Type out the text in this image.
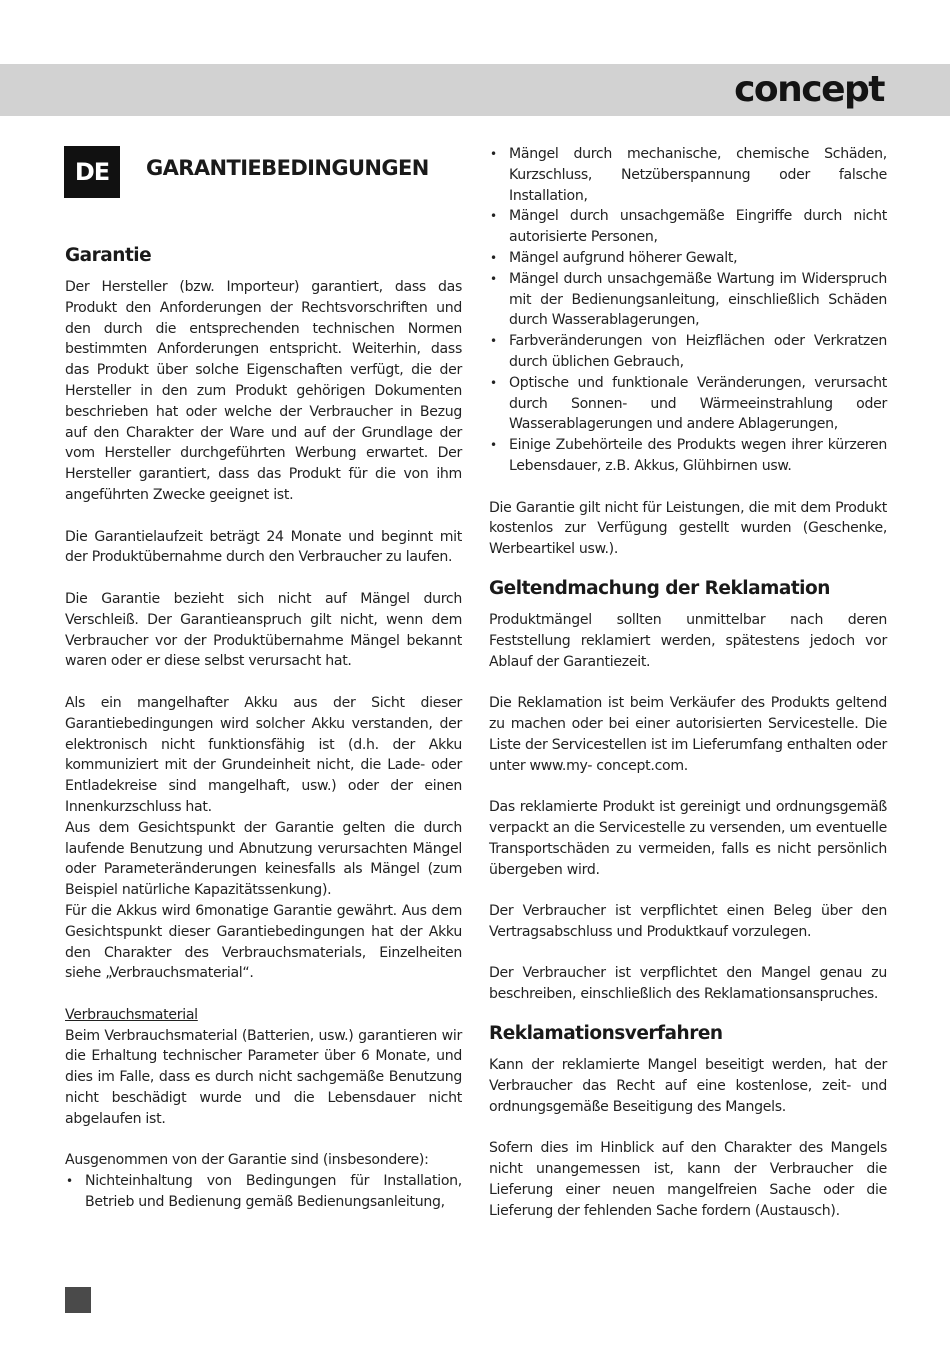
concept
DE	GARANTIEBEDINGUNGEN
Garantie

Der Hersteller (bzw. Importeur) garantiert, dass das Produkt den Anforderungen der Rechtsvorschriften und den durch die entsprechenden technischen Normen bestimmten Anforderungen entspricht. Weiterhin, dass das Produkt über solche Eigenschaften verfügt, die der Hersteller in den zum Produkt gehörigen Dokumenten beschrieben hat oder welche der Verbraucher in Bezug auf den Charakter der Ware und auf der Grundlage der vom Hersteller durchgeführten Werbung erwartet. Der Hersteller garantiert, dass das Produkt für die von ihm angeführten Zwecke geeignet ist.

Die Garantielaufzeit beträgt 24 Monate und beginnt mit der Produktübernahme durch den Verbraucher zu laufen.

Die Garantie bezieht sich nicht auf Mängel durch Verschleiß. Der Garantieanspruch gilt nicht, wenn dem Verbraucher vor der Produktübernahme Mängel bekannt waren oder er diese selbst verursacht hat.

Als ein mangelhafter Akku aus der Sicht dieser Garantiebedingungen wird solcher Akku verstanden, der elektronisch nicht funktionsfähig ist (d.h. der Akku kommuniziert mit der Grundeinheit nicht, die Lade- oder Entladekreise sind mangelhaft, usw.) oder der einen Innenkurzschluss hat.

Aus dem Gesichtspunkt der Garantie gelten die durch laufende Benutzung und Abnutzung verursachten Mängel oder Parameteränderungen keinesfalls als Mängel (zum Beispiel natürliche Kapazitätssenkung).

Für die Akkus wird 6monatige Garantie gewährt. Aus dem Gesichtspunkt dieser Garantiebedingungen hat der Akku den Charakter des Verbrauchsmaterials, Einzelheiten siehe „Verbrauchsmaterial“.

Verbrauchsmaterial

Beim Verbrauchsmaterial (Batterien, usw.) garantieren wir die Erhaltung technischer Parameter über 6 Monate, und dies im Falle, dass es durch nicht sachgemäße Benutzung nicht beschädigt wurde und die Lebensdauer nicht abgelaufen ist.

Ausgenommen von der Garantie sind (insbesondere):

• Nichteinhaltung von Bedingungen für Installation, Betrieb und Bedienung gemäß Bedienungsanleitung,
• Mängel durch mechanische, chemische Schäden, Kurzschluss, Netzüberspannung oder falsche Installation,
• Mängel durch unsachgemäße Eingriffe durch nicht autorisierte Personen,
• Mängel aufgrund höherer Gewalt,
• Mängel durch unsachgemäße Wartung im Widerspruch mit der Bedienungsanleitung, einschließlich Schäden durch Wasserablagerungen,
• Farbveränderungen von Heizflächen oder Verkratzen durch üblichen Gebrauch,
• Optische und funktionale Veränderungen, verursacht durch Sonnen- und Wärmeeinstrahlung oder Wasserablagerungen und andere Ablagerungen,
• Einige Zubehörteile des Produkts wegen ihrer kürzeren Lebensdauer, z.B. Akkus, Glühbirnen usw.

Die Garantie gilt nicht für Leistungen, die mit dem Produkt kostenlos zur Verfügung gestellt wurden (Geschenke, Werbeartikel usw.).

Geltendmachung der Reklamation

Produktmängel sollten unmittelbar nach deren Feststellung reklamiert werden, spätestens jedoch vor Ablauf der Garantiezeit.

Die Reklamation ist beim Verkäufer des Produkts geltend zu machen oder bei einer autorisierten Servicestelle. Die Liste der Servicestellen ist im Lieferumfang enthalten oder unter www.my- concept.com.

Das reklamierte Produkt ist gereinigt und ordnungsgemäß verpackt an die Servicestelle zu versenden, um eventuelle Transportschäden zu vermeiden, falls es nicht persönlich übergeben wird.

Der Verbraucher ist verpflichtet einen Beleg über den Vertragsabschluss und Produktkauf vorzulegen.

Der Verbraucher ist verpflichtet den Mangel genau zu beschreiben, einschließlich des Reklamationsanspruches.

Reklamationsverfahren

Kann der reklamierte Mangel beseitigt werden, hat der Verbraucher das Recht auf eine kostenlose, zeit- und ordnungsgemäße Beseitigung des Mangels.

Sofern dies im Hinblick auf den Charakter des Mangels nicht unangemessen ist, kann der Verbraucher die Lieferung einer neuen mangelfreien Sache oder die Lieferung der fehlenden Sache fordern (Austausch).
